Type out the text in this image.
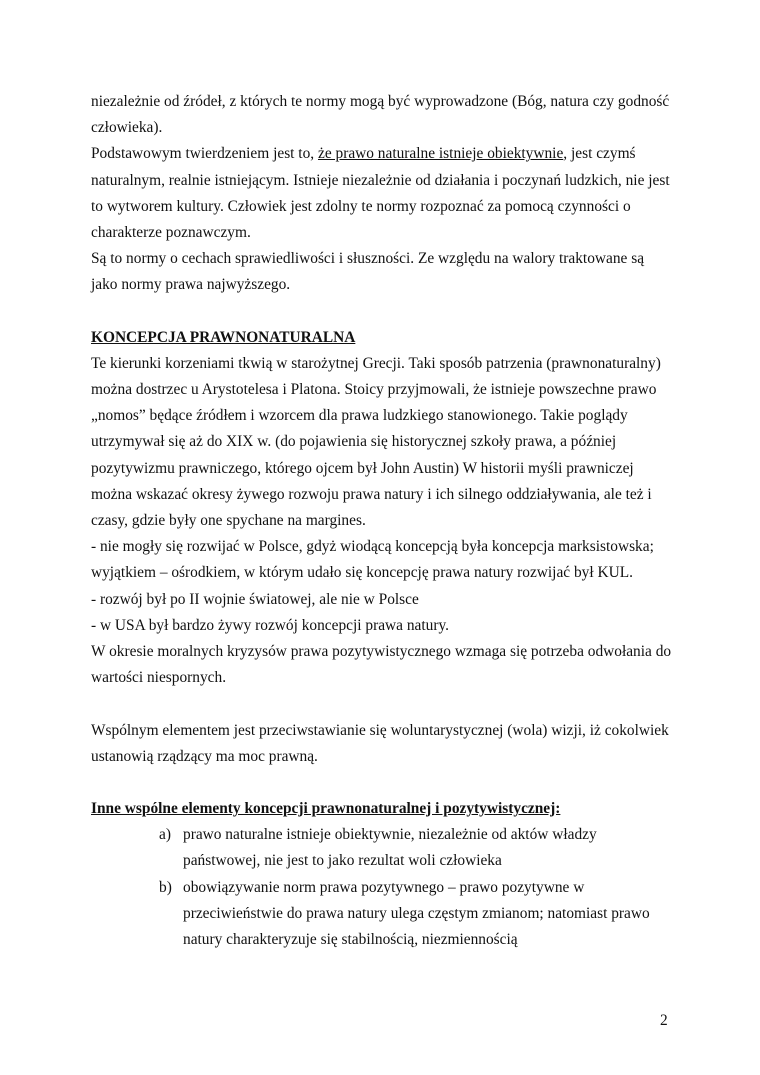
niezależnie od źródeł, z których te normy mogą być wyprowadzone (Bóg, natura czy godność
człowieka).
Podstawowym twierdzeniem jest to, że prawo naturalne istnieje obiektywnie, jest czymś
naturalnym, realnie istniejącym. Istnieje niezależnie od działania i poczynań ludzkich, nie jest
to wytworem kultury. Człowiek jest zdolny te normy rozpoznać za pomocą czynności o
charakterze poznawczym.
Są to normy o cechach sprawiedliwości i słuszności. Ze względu na walory traktowane są
jako normy prawa najwyższego.
KONCEPCJA PRAWNONATURALNA
Te kierunki korzeniami tkwią w starożytnej Grecji. Taki sposób patrzenia (prawnonaturalny)
można dostrzec u Arystotelesa i Platona. Stoicy przyjmowali, że istnieje powszechne prawo
„nomos” będące źródłem i wzorcem dla prawa ludzkiego stanowionego. Takie poglądy
utrzymywał się aż do XIX w. (do pojawienia się historycznej szkoły prawa, a później
pozytywizmu prawniczego, którego ojcem był John Austin) W historii myśli prawniczej
można wskazać okresy żywego rozwoju prawa natury i ich silnego oddziaływania, ale też i
czasy, gdzie były one spychane na margines.
- nie mogły się rozwijać w Polsce, gdyż wiodącą koncepcją była koncepcja marksistowska;
wyjątkiem – ośrodkiem, w którym udało się koncepcję prawa natury rozwijać był KUL.
- rozwój był po II wojnie światowej, ale nie w Polsce
- w USA był bardzo żywy rozwój koncepcji prawa natury.
W okresie moralnych kryzysów prawa pozytywistycznego wzmaga się potrzeba odwołania do
wartości niespornych.
Wspólnym elementem jest przeciwstawianie się woluntarystycznej (wola) wizji, iż cokolwiek
ustanowią rządzący ma moc prawną.
Inne wspólne elementy koncepcji prawnonaturalnej i pozytywistycznej:
a) prawo naturalne istnieje obiektywnie, niezależnie od aktów władzy
państwowej, nie jest to jako rezultat woli człowieka
b) obowiązywanie norm prawa pozytywnego – prawo pozytywne w
przeciwieństwie do prawa natury ulega częstym zmianom; natomiast prawo
natury charakteryzuje się stabilnością, niezmiennością
2
